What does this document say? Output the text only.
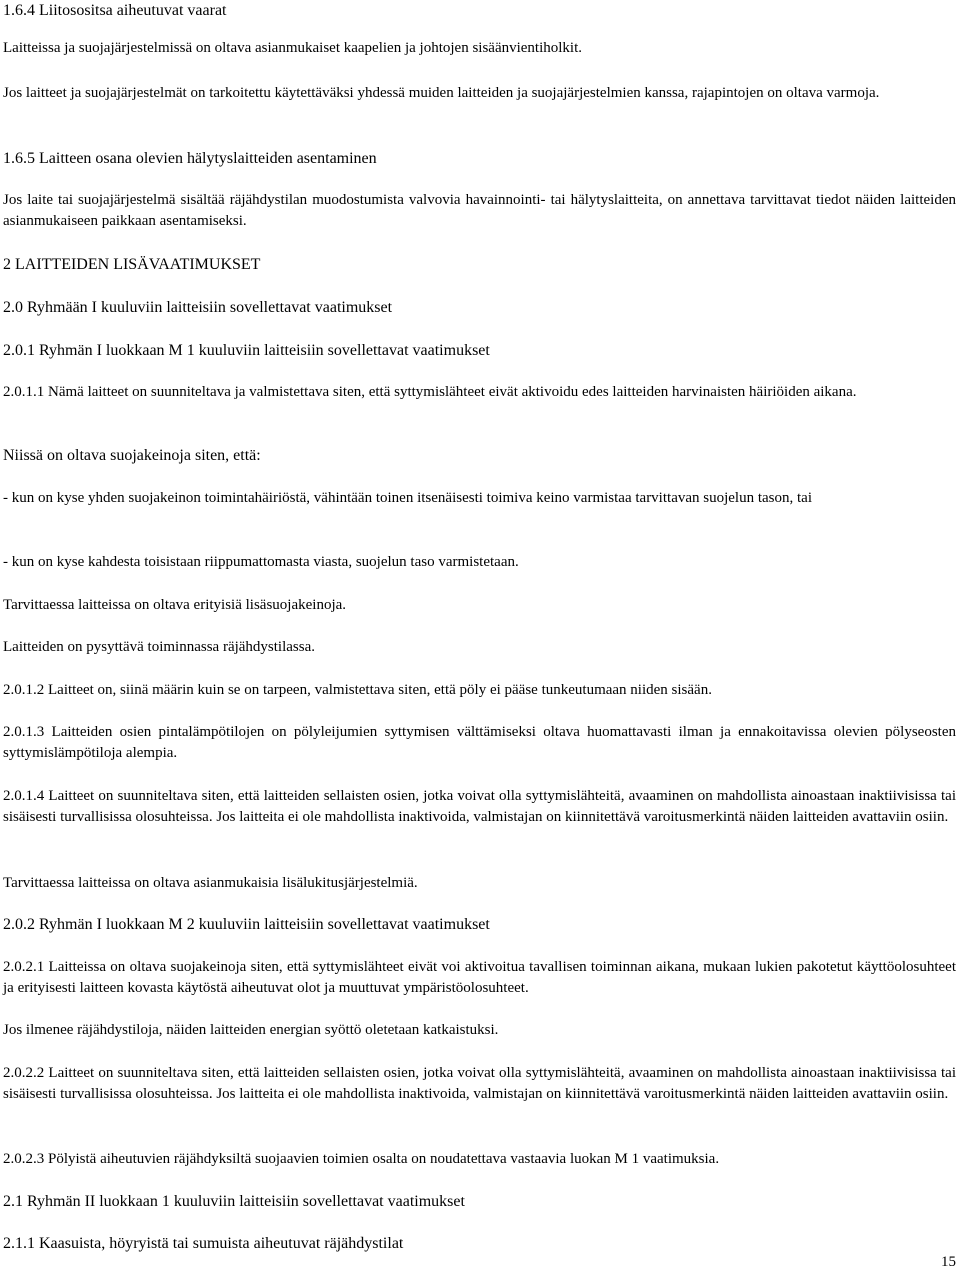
1.6.4 Liitosositsa aiheutuvat vaarat

Laitteissa ja suojajärjestelmissä on oltava asianmukaiset kaapelien ja johtojen sisäänvientiholkit.

Jos laitteet ja suojajärjestelmät on tarkoitettu käytettäväksi yhdessä muiden laitteiden ja suojajärjestelmien kanssa, rajapintojen on oltava varmoja.

1.6.5 Laitteen osana olevien hälytyslaitteiden asentaminen

Jos laite tai suojajärjestelmä sisältää räjähdystilan muodostumista valvovia havainnointi- tai hälytyslaitteita, on annettava tarvittavat tiedot näiden laitteiden asianmukaiseen paikkaan asentamiseksi.

2 LAITTEIDEN LISÄVAATIMUKSET

2.0 Ryhmään I kuuluviin laitteisiin sovellettavat vaatimukset

2.0.1 Ryhmän I luokkaan M 1 kuuluviin laitteisiin sovellettavat vaatimukset

2.0.1.1 Nämä laitteet on suunniteltava ja valmistettava siten, että syttymislähteet eivät aktivoidu edes laitteiden harvinaisten häiriöiden aikana.

Niissä on oltava suojakeinoja siten, että:

- kun on kyse yhden suojakeinon toimintahäiriöstä, vähintään toinen itsenäisesti toimiva keino varmistaa tarvittavan suojelun tason, tai

- kun on kyse kahdesta toisistaan riippumattomasta viasta, suojelun taso varmistetaan.

Tarvittaessa laitteissa on oltava erityisiä lisäsuojakeinoja.

Laitteiden on pysyttävä toiminnassa räjähdystilassa.

2.0.1.2 Laitteet on, siinä määrin kuin se on tarpeen, valmistettava siten, että pöly ei pääse tunkeutumaan niiden sisään.

2.0.1.3 Laitteiden osien pintalämpötilojen on pölyleijumien syttymisen välttämiseksi oltava huomattavasti ilman ja ennakoitavissa olevien pölyseosten syttymislämpötiloja alempia.

2.0.1.4 Laitteet on suunniteltava siten, että laitteiden sellaisten osien, jotka voivat olla syttymislähteitä, avaaminen on mahdollista ainoastaan inaktiivisissa tai sisäisesti turvallisissa olosuhteissa. Jos laitteita ei ole mahdollista inaktivoida, valmistajan on kiinnitettävä varoitusmerkintä näiden laitteiden avattaviin osiin.

Tarvittaessa laitteissa on oltava asianmukaisia lisälukitusjärjestelmiä.

2.0.2 Ryhmän I luokkaan M 2 kuuluviin laitteisiin sovellettavat vaatimukset

2.0.2.1 Laitteissa on oltava suojakeinoja siten, että syttymislähteet eivät voi aktivoitua tavallisen toiminnan aikana, mukaan lukien pakotetut käyttöolosuhteet ja erityisesti laitteen kovasta käytöstä aiheutuvat olot ja muuttuvat ympäristöolosuhteet.

Jos ilmenee räjähdystiloja, näiden laitteiden energian syöttö oletetaan katkaistuksi.

2.0.2.2 Laitteet on suunniteltava siten, että laitteiden sellaisten osien, jotka voivat olla syttymislähteitä, avaaminen on mahdollista ainoastaan inaktiivisissa tai sisäisesti turvallisissa olosuhteissa. Jos laitteita ei ole mahdollista inaktivoida, valmistajan on kiinnitettävä varoitusmerkintä näiden laitteiden avattaviin osiin.

2.0.2.3 Pölyistä aiheutuvien räjähdyksiltä suojaavien toimien osalta on noudatettava vastaavia luokan M 1 vaatimuksia.

2.1 Ryhmän II luokkaan 1 kuuluviin laitteisiin sovellettavat vaatimukset

2.1.1 Kaasuista, höyryistä tai sumuista aiheutuvat räjähdystilat

15
